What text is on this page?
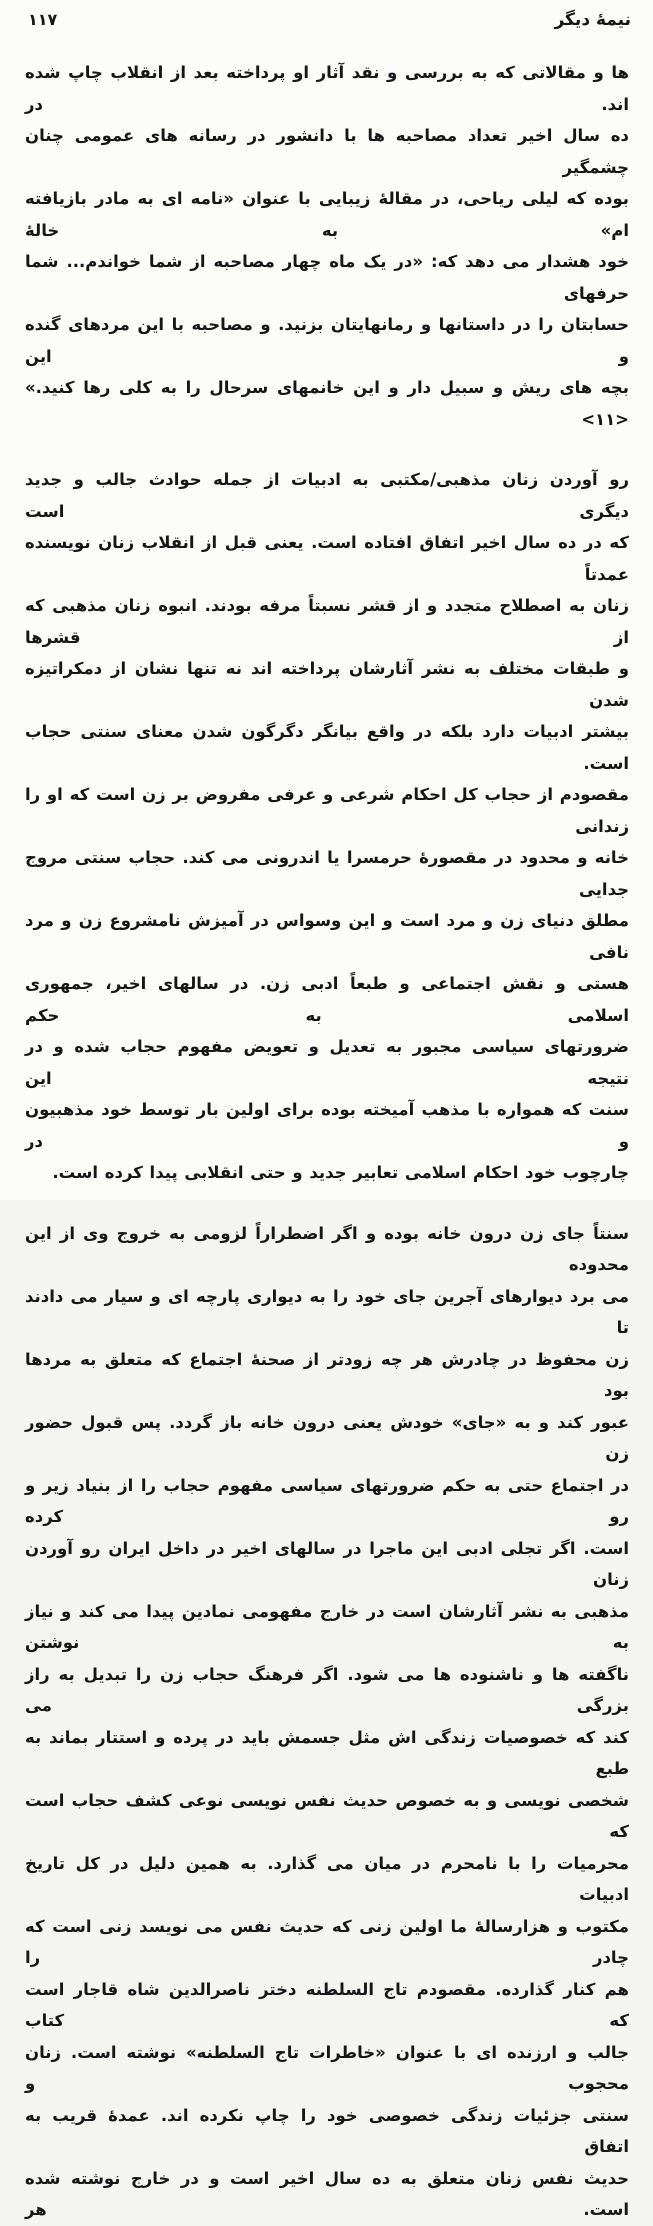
نیمهٔ دیگر
۱۱۷
ها و مقالاتی که به بررسی و نقد آثار او پرداخته بعد از انقلاب چاپ شده اند. در
ده سال اخیر تعداد مصاحبه ها با دانشور در رسانه های عمومی چنان چشمگیر
بوده که لیلی ریاحی، در مقالهٔ زیبایی با عنوان «نامه ای به مادر بازیافته ام» به خالهٔ
خود هشدار می دهد که: «در یک ماه چهار مصاحبه از شما خواندم... شما حرفهای
حسابتان را در داستانها و رمانهایتان بزنید. و مصاحبه با این مردهای گنده و این
بچه های ریش و سبیل دار و این خانمهای سرحال را به کلی رها کنید.» <۱۱>
رو آوردن زنان مذهبی/مکتبی به ادبیات از جمله حوادث جالب و جدید دیگری است
که در ده سال اخیر اتفاق افتاده است. یعنی قبل از انقلاب زنان نویسنده عمدتاً
زنان به اصطلاح متجدد و از قشر نسبتاً مرفه بودند. انبوه زنان مذهبی که از قشرها
و طبقات مختلف به نشر آثارشان پرداخته اند نه تنها نشان از دمکراتیزه شدن
بیشتر ادبیات دارد بلکه در واقع بیانگر دگرگون شدن معنای سنتی حجاب است.
مقصودم از حجاب کل احکام شرعی و عرفی مفروض بر زن است که او را زندانی
خانه و محدود در مقصورهٔ حرمسرا یا اندرونی می کند. حجاب سنتی مروج جدایی
مطلق دنیای زن و مرد است و این وسواس در آمیزش نامشروع زن و مرد نافی
هستی و نقش اجتماعی و طبعاً ادبی زن. در سالهای اخیر، جمهوری اسلامی به حکم
ضرورتهای سیاسی مجبور به تعدیل و تعویض مفهوم حجاب شده و در نتیجه این
سنت که همواره با مذهب آمیخته بوده برای اولین بار توسط خود مذهبیون و در
چارچوب خود احکام اسلامی تعابیر جدید و حتی انقلابی پیدا کرده است.
سنتاً جای زن درون خانه بوده و اگر اضطراراً لزومی به خروج وی از این محدوده
می برد دیوارهای آجرین جای خود را به دیواری پارچه ای و سیار می دادند تا
زن محفوظ در چادرش هر چه زودتر از صحنهٔ اجتماع که متعلق به مردها بود
عبور کند و به «جای» خودش یعنی درون خانه باز گردد. پس قبول حضور زن
در اجتماع حتی به حکم ضرورتهای سیاسی مفهوم حجاب را از بنیاد زیر و رو کرده
است. اگر تجلی ادبی این ماجرا در سالهای اخیر در داخل ایران رو آوردن زنان
مذهبی به نشر آثارشان است در خارج مفهومی نمادین پیدا می کند و نیاز به نوشتن
ناگفته ها و ناشنوده ها می شود. اگر فرهنگ حجاب زن را تبدیل به راز بزرگی می
کند که خصوصیات زندگی اش مثل جسمش باید در پرده و استتار بماند به طبع
شخصی نویسی و به خصوص حدیث نفس نویسی نوعی کشف حجاب است که
محرمیات را با نامحرم در میان می گذارد. به همین دلیل در کل تاریخ ادبیات
مکتوب و هزارسالهٔ ما اولین زنی که حدیث نفس می نویسد زنی است که چادر را
هم کنار گذارده. مقصودم تاج السلطنه دختر ناصرالدین شاه قاجار است که کتاب
جالب و ارزنده ای با عنوان «خاطرات تاج السلطنه» نوشته است. زنان محجوب و
سنتی جزئیات زندگی خصوصی خود را چاپ نکرده اند. عمدهٔ قریب به اتفاق
حدیث نفس زنان متعلق به ده سال اخیر است و در خارج نوشته شده است. هر
